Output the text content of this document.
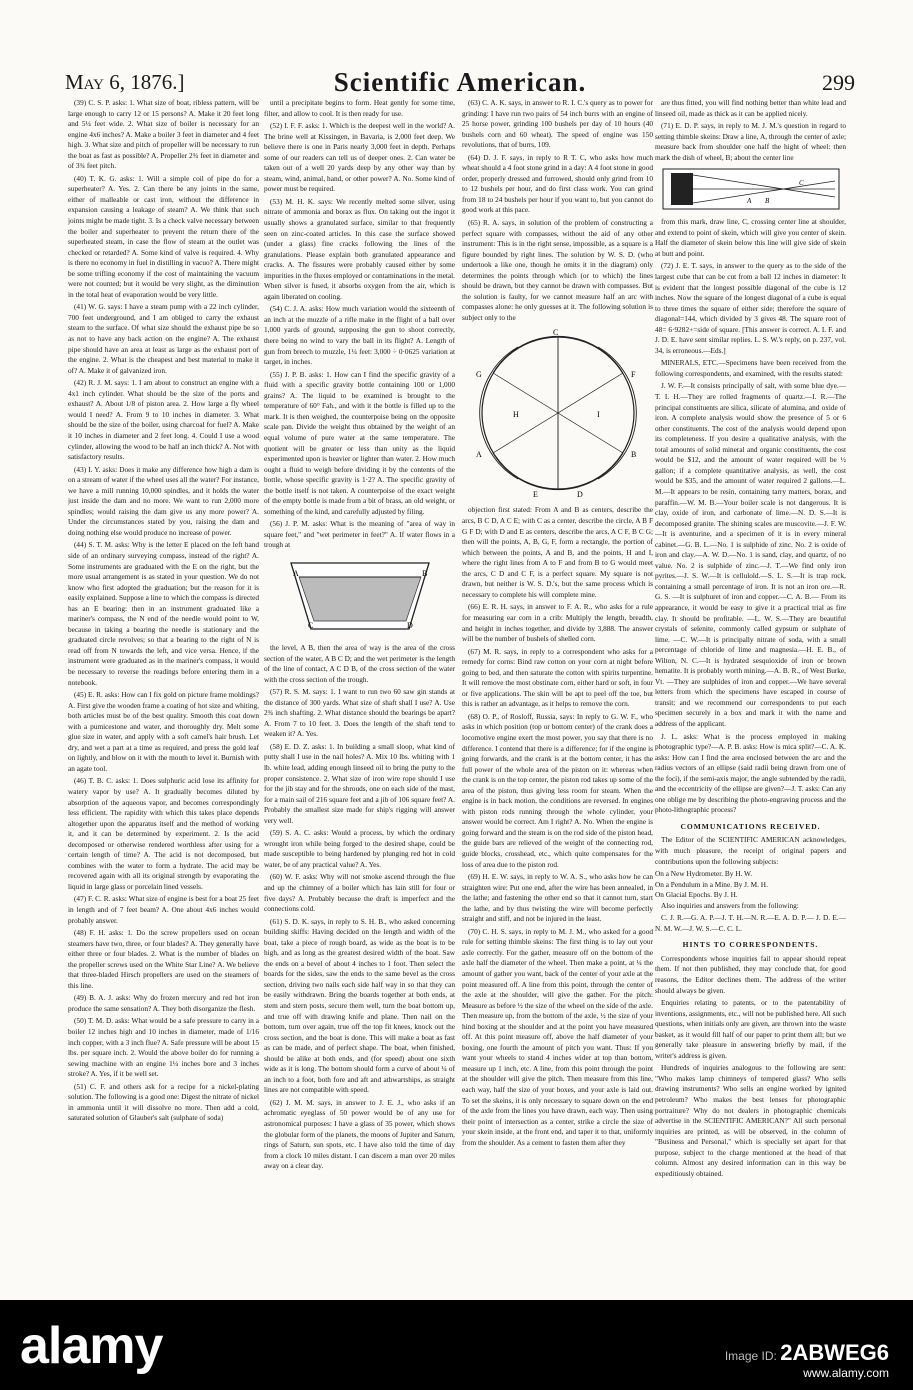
May 6, 1876.]	Scientific American.	299

(39) C. S. P. asks: 1. What size of boat, ribless pattern, will be large enough to carry 12 or 15 persons? A. Make it 20 feet long and 5¼ feet wide. 2. What size of boiler is necessary for an engine 4x6 inches? A. Make a boiler 3 feet in diameter and 4 feet high. 3. What size and pitch of propeller will be necessary to run the boat as fast as possible? A. Propeller 2¾ feet in diameter and of 3¾ feet pitch.

(40) T. K. G. asks: 1. Will a simple coil of pipe do for a superheater? A. Yes. 2. Can there be any joints in the same, either of malleable or cast iron, without the difference in expansion causing a leakage of steam? A. We think that such joints might be made tight. 3. Is a check valve necessary between the boiler and superheater to prevent the return there of the superheated steam, in case the flow of steam at the outlet was checked or retarded? A. Some kind of valve is required. 4. Why is there no economy in fuel in distilling in vacuo? A. There might be some trifling economy if the cost of maintaining the vacuum were not counted; but it would be very slight, as the diminution in the total heat of evaporation would be very little.

(41) W. G. says: I have a steam pump with a 22 inch cylinder, 700 feet underground, and I am obliged to carry the exhaust steam to the surface. Of what size should the exhaust pipe be so as not to have any back action on the engine? A. The exhaust pipe should have an area at least as large as the exhaust port of the engine. 2. What is the cheapest and best material to make it of? A. Make it of galvanized iron.

(42) R. J. M. says: 1. I am about to construct an engine with a 4x1 inch cylinder. What should be the size of the ports and exhaust? A. About 1/8 of piston area. 2. How large a fly wheel would I need? A. From 9 to 10 inches in diameter. 3. What should be the size of the boiler, using charcoal for fuel? A. Make it 10 inches in diameter and 2 feet long. 4. Could I use a wood cylinder, allowing the wood to be half an inch thick? A. Not with satisfactory results.

(43) I. Y. asks: Does it make any difference how high a dam is on a stream of water if the wheel uses all the water? For instance, we have a mill running 10,000 spindles, and it holds the water just inside the dam and no more. We want to run 2,000 more spindles; would raising the dam give us any more power? A. Under the circumstances stated by you, raising the dam and doing nothing else would produce no increase of power.

(44) S. T. M. asks: Why is the letter E placed on the left hand side of an ordinary surveying compass, instead of the right? A. Some instruments are graduated with the E on the right, but the more usual arrangement is as stated in your question. We do not know who first adopted the graduation; but the reason for it is easily explained. Suppose a line to which the compass is directed has an E bearing: then in an instrument graduated like a mariner's compass, the N end of the needle would point to W, because in taking a bearing the needle is stationary and the graduated circle revolves; so that a bearing to the right of N is read off from N towards the left, and vice versa. Hence, if the instrument were graduated as in the mariner's compass, it would be necessary to reverse the readings before entering them in a notebook.

(45) E. R. asks: How can I fix gold on picture frame moldings? A. First give the wooden frame a coating of hot size and whiting, both articles must be of the best quality. Smooth this coat down with a pumicestone and water, and thoroughly dry. Melt some glue size in water, and apply with a soft camel's hair brush. Let dry, and wet a part at a time as required, and press the gold leaf on lightly, and blow on it with the mouth to level it. Burnish with an agate tool.

(46) T. B. C. asks: 1. Does sulphuric acid lose its affinity for watery vapor by use? A. It gradually becomes diluted by absorption of the aqueous vapor, and becomes correspondingly less efficient. The rapidity with which this takes place depends altogether upon the apparatus itself and the method of working it, and it can be determined by experiment. 2. Is the acid decomposed or otherwise rendered worthless after using for a certain length of time? A. The acid is not decomposed, but combines with the water to form a hydrate. The acid may be recovered again with all its original strength by evaporating the liquid in large glass or porcelain lined vessels.

(47) F. C. R. asks: What size of engine is best for a boat 25 feet in length and of 7 feet beam? A. One about 4x6 inches would probably answer.

(48) F. H. asks: 1. Do the screw propellers used on ocean steamers have two, three, or four blades? A. They generally have either three or four blades. 2. What is the number of blades on the propeller screws used on the White Star Line? A. We believe that three-bladed Hirsch propellers are used on the steamers of this line.

(49) B. A. J. asks: Why do frozen mercury and red hot iron produce the same sensation? A. They both disorganize the flesh.

(50) T. M. D. asks: What would be a safe pressure to carry in a boiler 12 inches high and 10 inches in diameter, made of 1/16 inch copper, with a 3 inch flue? A. Safe pressure will be about 15 lbs. per square inch. 2. Would the above boiler do for running a sewing machine with an engine 1¼ inches bore and 3 inches stroke? A. Yes, if it be well set.

(51) C. F. and others ask for a recipe for a nickel-plating solution. The following is a good one: Digest the nitrate of nickel in ammonia until it will dissolve no more. Then add a cold, saturated solution of Glauber's salt (sulphate of soda)

until a precipitate begins to form. Heat gently for some time, filter, and allow to cool. It is then ready for use.

(52) I. F. F. asks: 1. Which is the deepest well in the world? A. The brine well at Kissingen, in Bavaria, is 2,000 feet deep. We believe there is one in Paris nearly 3,000 feet in depth. Perhaps some of our readers can tell us of deeper ones. 2. Can water be taken out of a well 20 yards deep by any other way than by steam, wind, animal, hand, or other power? A. No. Some kind of power must be required.

(53) M. H. K. says: We recently melted some silver, using nitrate of ammonia and borax as flux. On taking out the ingot it usually shows a granulated surface, similar to that frequently seen on zinc-coated articles. In this case the surface showed (under a glass) fine cracks following the lines of the granulations. Please explain both granulated appearance and cracks. A. The fissures were probably caused either by some impurities in the fluxes employed or contaminations in the metal. When silver is fused, it absorbs oxygen from the air, which is again liberated on cooling.

(54) C. J. A. asks: How much variation would the sixteenth of an inch at the muzzle of a rifle make in the flight of a ball over 1,000 yards of ground, supposing the gun to shoot correctly, there being no wind to vary the ball in its flight? A. Length of gun from breech to muzzle, 1¼ feet: 3,000 ÷ 0·0625 variation at target, in inches.

(55) J. P. B. asks: 1. How can I find the specific gravity of a fluid with a specific gravity bottle containing 100 or 1,000 grains? A. The liquid to be examined is brought to the temperature of 60° Fah., and with it the bottle is filled up to the mark. It is then weighed, the counterpoise being on the opposite scale pan. Divide the weight thus obtained by the weight of an equal volume of pure water at the same temperature. The quotient will be greater or less than unity as the liquid experimented upon is heavier or lighter than water. 2. How much ought a fluid to weigh before dividing it by the contents of the bottle, whose specific gravity is 1·2? A. The specific gravity of the bottle itself is not taken. A counterpoise of the exact weight of the empty bottle is made from a bit of brass, an old weight, or something of the kind, and carefully adjusted by filing.

(56) J. P. M. asks: What is the meaning of "area of way in square feet," and "wet perimeter in feet?" A. If water flows in a trough at

A	B
C	D

the level, A B, then the area of way is the area of the cross section of the water, A B C D; and the wet perimeter is the length of the line of contact, A C D B, of the cross section of the water with the cross section of the trough.

(57) R. S. M. says: 1. I want to run two 60 saw gin stands at the distance of 300 yards. What size of shaft shall I use? A. Use 2¾ inch shafting. 2. What distance should the bearings be apart? A. From 7 to 10 feet. 3. Does the length of the shaft tend to weaken it? A. Yes.

(58) E. D. Z. asks: 1. In building a small sloop, what kind of putty shall I use in the nail holes? A. Mix 10 lbs. whiting with 1 lb. white lead, adding enough linseed oil to bring the putty to the proper consistence. 2. What size of iron wire rope should I use for the jib stay and for the shrouds, one on each side of the mast, for a main sail of 216 square feet and a jib of 106 square feet? A. Probably the smallest size made for ship's rigging will answer very well.

(59) S. A. C. asks: Would a process, by which the ordinary wrought iron while being forged to the desired shape, could be made susceptible to being hardened by plunging red hot in cold water, be of any practical value? A. Yes.

(60) W. F. asks: Why will not smoke ascend through the flue and up the chimney of a boiler which has lain still for four or five days? A. Probably because the draft is imperfect and the connections cold.

(61) S. D. K. says, in reply to S. H. B., who asked concerning building skiffs: Having decided on the length and width of the boat, take a piece of rough board, as wide as the boat is to be high, and as long as the greatest desired width of the boat. Saw the ends on a bevel of about 4 inches to 1 foot. Then select the boards for the sides, saw the ends to the same bevel as the cross section, driving two nails each side half way in so that they can be easily withdrawn. Bring the boards together at both ends, at stem and stern posts, secure them well, turn the boat bottom up, and true off with drawing knife and plane. Then nail on the bottom, turn over again, true off the top fit knees, knock out the cross section, and the boat is done. This will make a boat as fast as can be made, and of perfect shape. The boat, when finished, should be alike at both ends, and (for speed) about one sixth wide as it is long. The bottom should form a curve of about ¼ of an inch to a foot, both fore and aft and athwartships, as straight lines are not compatible with speed.

(62) J. M. M. says, in answer to J. E. J., who asks if an achromatic eyeglass of 50 power would be of any use for astronomical purposes: I have a glass of 35 power, which shows the globular form of the planets, the moons of Jupiter and Saturn, rings of Saturn, sun spots, etc. I have also told the time of day from a clock 10 miles distant. I can discern a man over 20 miles away on a clear day.

(63) C. A. K. says, in answer to R. I. C.'s query as to power for grinding: I have run two pairs of 54 inch burrs with an engine of 25 horse power, grinding 100 bushels per day of 10 hours (40 bushels corn and 60 wheat). The speed of engine was 150 revolutions, that of burrs, 109.

(64) D. J. F. says, in reply to R T. C, who asks how much wheat should a 4 foot stone grind in a day: A 4 foot stone in good order, properly dressed and furrowed, should only grind from 10 to 12 bushels per hour, and do first class work. You can grind from 18 to 24 bushels per hour if you want to, but you cannot do good work at this pace.

(65) R. A. says, in solution of the problem of constructing a perfect square with compasses, without the aid of any other instrument: This is in the right sense, impossible, as a square is a figure bounded by right lines. The solution by W. S. D. (who undertook a like one, though he omits it in the diagram) only determines the points through which (or to which) the lines should be drawn, but they cannot be drawn with compasses. But the solution is faulty, for we cannot measure half an arc with compasses alone: he only guesses at it. The following solution is subject only to the

C
G	F
A	B
E	D
H	I

objection first stated: From A and B as centers, describe the arcs, B C D, A C E; with C as a center, describe the circle, A B F G F D; with D and E as centers, describe the arcs, A C F, B C G; then will the points, A, B, G, F, form a rectangle, the portion of which between the points, A and B, and the points, H and I, where the right lines from A to F and from B to G would meet the arcs, C D and C F, is a perfect square. My square is not drawn, but neither is W. S. D.'s, but the same process which is necessary to complete his will complete mine.

(66) E. R. H. says, in answer to F. A. R., who asks for a rule for measuring ear corn in a crib: Multiply the length, breadth, and height in inches together, and divide by 3,888. The answer will be the number of bushels of shelled corn.

(67) M. R. says, in reply to a correspondent who asks for a remedy for corns: Bind raw cotton on your corn at night before going to bed, and then saturate the cotton with spirits turpentine. It will remove the most obstinate corn, either hard or soft, in four or five applications. The skin will be apt to peel off the toe, but this is rather an advantage, as it helps to remove the corn.

(68) O. P., of Rosloff, Russia, says: In reply to G. W. F., who asks in which position (top or bottom center) of the crank does a locomotive engine exert the most power, you say that there is no difference. I contend that there is a difference; for if the engine is going forwards, and the crank is at the bottom center, it has the full power of the whole area of the piston on it: whereas when the crank is on the top center, the piston rod takes up some of the area of the piston, thus giving less room for steam. When the engine is in back motion, the conditions are reversed. In engines with piston rods running through the whole cylinder, your answer would be correct. Am I right? A. No. When the engine is going forward and the steam is on the rod side of the piston head, the guide bars are relieved of the weight of the connecting rod, guide blocks, crosshead, etc., which quite compensates for the loss of area due to the piston rod.

(69) H. E. W. says, in reply to W. A. S., who asks how he can straighten wire: Put one end, after the wire has been annealed, in the lathe; and fastening the other end so that it cannot turn, start the lathe, and by thus twisting the wire will become perfectly straight and stiff, and not be injured in the least.

(70) C. H. S. says, in reply to M. J. M., who asked for a good rule for setting thimble skeins: The first thing is to lay out your axle correctly. For the gather, measure off on the bottom of the axle half the diameter of the wheel. Then make a point, at ¼ the amount of gather you want, back of the center of your axle at the point measured off. A line from this point, through the center of the axle at the shoulder, will give the gather. For the pitch: Measure as before ½ the size of the wheel on the side of the axle. Then measure up, from the bottom of the axle, ½ the size of your hind boxing at the shoulder and at the point you have measured off. At this point measure off, above the half diameter of your boxing, one fourth the amount of pitch you want. Thus: If you want your wheels to stand 4 inches wider at top than bottom, measure up 1 inch, etc. A line, from this point through the point at the shoulder will give the pitch. Then measure from this line, each way, half the size of your boxes, and your axle is laid out. To set the skeins, it is only necessary to square down on the end of the axle from the lines you have drawn, each way. Then using their point of intersection as a center, strike a circle the size of your skein inside, at the front end, and taper it to that, uniformly from the shoulder. As a cement to fasten them after they

are thus fitted, you will find nothing better than white lead and linseed oil, made as thick as it can be applied nicely.

(71) E. D. P. says, in reply to M. J. M.'s question in regard to setting thimble skeins: Draw a line, A, through the center of axle; measure back from shoulder one half the hight of wheel: then mark the dish of wheel, B; about the center line

A B
C

from this mark, draw line, C, crossing center line at shoulder, and extend to point of skein, which will give you center of skein. Half the diameter of skein below this line will give side of skein at butt and point.

(72) J. E. T. says, in answer to the query as to the side of the largest cube that can be cut from a ball 12 inches in diameter: It is evident that the longest possible diagonal of the cube is 12 inches. Now the square of the longest diagonal of a cube is equal to three times the square of either side; therefore the square of diagonal=144, which divided by 3 gives 48. The square root of 48= 6·9282+=side of square. [This answer is correct. A. I. F. and J. D. E. have sent similar replies. L. S. W.'s reply, on p. 237, vol. 34, is erroneous.—Eds.]

MINERALS, ETC.—Specimens have been received from the following correspondents, and examined, with the results stated:

J. W. F.—It consists principally of salt, with some blue dye.—T. I. H.—They are rolled fragments of quartz.—I. R.—The principal constituents are silica, silicate of alumina, and oxide of iron. A complete analysis would show the presence of 5 or 6 other constituents. The cost of the analysis would depend upon its completeness. If you desire a qualitative analysis, with the total amounts of solid mineral and organic constituents, the cost would be $12, and the amount of water required will be ½ gallon; if a complete quantitative analysis, as well, the cost would be $35, and the amount of water required 2 gallons.—L. M.—It appears to be resin, containing tarry matters, borax, and paraffin.—W. M. B.—Your boiler scale is not dangerous. It is clay, oxide of iron, and carbonate of lime.—N. D. S.—It is decomposed granite. The shining scales are muscovite.—J. F. W.—It is aventurine, and a specimen of it is in every mineral cabinet.—G. B. L.—No. 1 is sulphide of zinc. No. 2 is oxide of iron and clay.—A. W. D.—No. 1 is sand, clay, and quartz, of no value. No. 2 is sulphide of zinc.—J. T.—We find only iron pyrites.—J. S. W.—It is cellulold.—S. L. S.—It is trap rock, containing a small percentage of iron. It is not an iron ore.—R. G. S. —It is sulphuret of iron and copper.—C. A. B.— From its appearance, it would be easy to give it a practical trial as fire clay. It should be profitable. —L. W. S.—They are beautiful crystals of selenite, commonly called gypsum or sulphate of lime. —C. W.—It is principally nitrate of soda, with a small percentage of chloride of lime and magnesia.—H. E. B., of Wilton, N. C.—It is hydrated sesquioxide of iron or brown hematite. It is probably worth mining.—A. B. R., of West Burke, Vt. —They are sulphides of iron and copper.—We have several letters from which the specimens have escaped in course of transit; and we recommend our correspondents to put each specimen securely in a box and mark it with the name and address of the applicant.

J. L. asks: What is the process employed in making photographic type?—A. P. B. asks: How is mica split?—C. A. K. asks: How can I find the area enclosed between the arc and the radius vectors of an ellipse (said radii being drawn from one of the foci), if the semi-axis major, the angle subtended by the radii, and the eccentricity of the ellipse are given?—J. T. asks: Can any one oblige me by describing the photo-engraving process and the photo-lithographic process?

COMMUNICATIONS RECEIVED.

The Editor of the SCIENTIFIC AMERICAN acknowledges, with much pleasure, the receipt of original papers and contributions upon the following subjects:

On a New Hydrometer. By H. W.

On a Pendulum in a Mine. By J. M. H.

On Glacial Epochs. By J. H.

Also inquiries and answers from the following:

C. J. R.—G. A. P.—J. T. H.—N. R.—E. A. D. P.— J. D. E.—N. M. W.—J. W. S.—C. C. L.

HINTS TO CORRESPONDENTS.

Correspondents whose inquiries fail to appear should repeat them. If not then published, they may conclude that, for good reasons, the Editor declines them. The address of the writer should always be given.

Enquiries relating to patents, or to the patentability of inventions, assignments, etc., will not be published here. All such questions, when initials only are given, are thrown into the waste basket, as it would fill half of our paper to print them all; but we generally take pleasure in answering briefly by mail, if the writer's address is given.

Hundreds of inquiries analogous to the following are sent: "Who makes lamp chimneys of tempered glass? Who sells drawing instruments? Who sells an engine worked by ignited petroleum? Who makes the best lenses for photographic portraiture? Why do not dealers in photographic chemicals advertise in the SCIENTIFIC AMERICAN?" All such personal inquiries are printed, as will be observed, in the column of "Business and Personal," which is specially set apart for that purpose, subject to the charge mentioned at the head of that column. Almost any desired information can in this way be expeditiously obtained.

alamy	Image ID: 2ABWEG6
www.alamy.com
